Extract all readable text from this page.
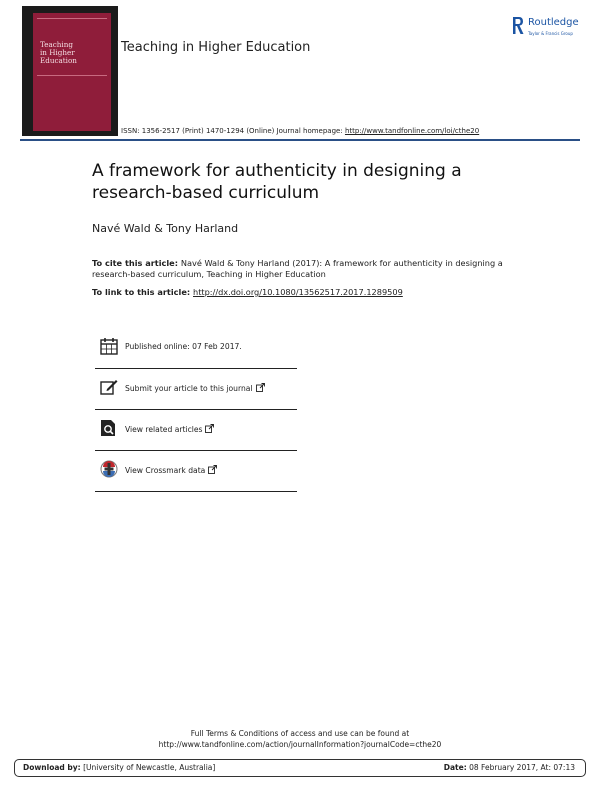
Teaching
in Higher
Education
Teaching in Higher Education
Routledge
Taylor & Francis Group
ISSN: 1356-2517 (Print) 1470-1294 (Online) Journal homepage: http://www.tandfonline.com/loi/cthe20
A framework for authenticity in designing a research-based curriculum
Navé Wald & Tony Harland
To cite this article: Navé Wald & Tony Harland (2017): A framework for authenticity in designing a research-based curriculum, Teaching in Higher Education
To link to this article: http://dx.doi.org/10.1080/13562517.2017.1289509
Published online: 07 Feb 2017.
Submit your article to this journal
View related articles
View Crossmark data
Full Terms & Conditions of access and use can be found at
http://www.tandfonline.com/action/journalInformation?journalCode=cthe20
Download by: [University of Newcastle, Australia]	Date: 08 February 2017, At: 07:13
